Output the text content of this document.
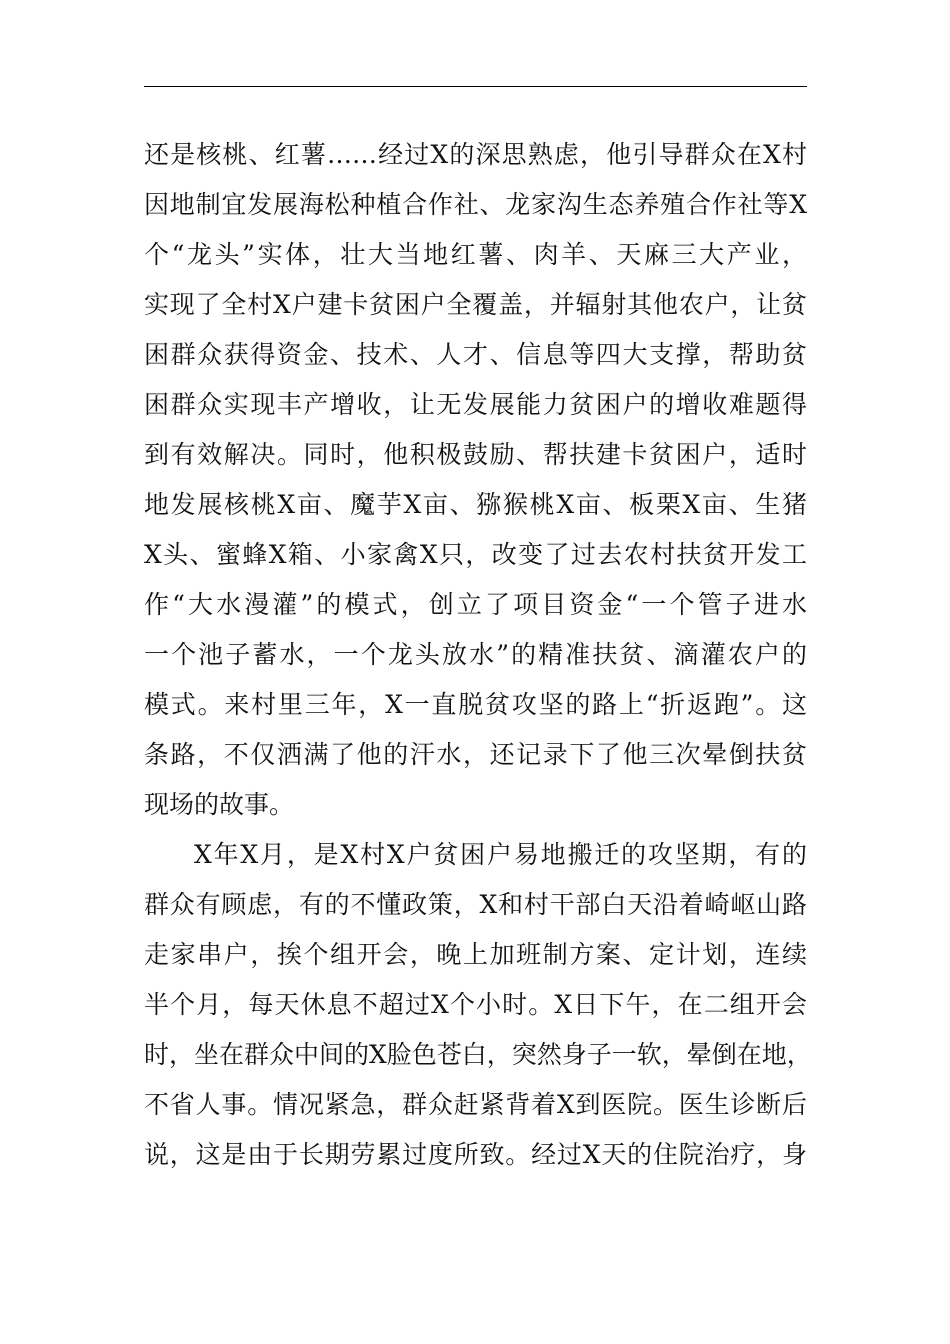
还是核桃、红薯……经过X的深思熟虑，他引导群众在X村
因地制宜发展海松种植合作社、龙家沟生态养殖合作社等X
个“龙头”实体，壮大当地红薯、肉羊、天麻三大产业，
实现了全村X户建卡贫困户全覆盖，并辐射其他农户，让贫
困群众获得资金、技术、人才、信息等四大支撑，帮助贫
困群众实现丰产增收，让无发展能力贫困户的增收难题得
到有效解决。同时，他积极鼓励、帮扶建卡贫困户，适时
地发展核桃X亩、魔芋X亩、猕猴桃X亩、板栗X亩、生猪
X头、蜜蜂X箱、小家禽X只，改变了过去农村扶贫开发工
作“大水漫灌”的模式，创立了项目资金“一个管子进水
一个池子蓄水，一个龙头放水”的精准扶贫、滴灌农户的
模式。来村里三年，X一直脱贫攻坚的路上“折返跑”。这
条路，不仅洒满了他的汗水，还记录下了他三次晕倒扶贫
现场的故事。
X年X月，是X村X户贫困户易地搬迁的攻坚期，有的
群众有顾虑，有的不懂政策，X和村干部白天沿着崎岖山路
走家串户，挨个组开会，晚上加班制方案、定计划，连续
半个月，每天休息不超过X个小时。X日下午，在二组开会
时，坐在群众中间的X脸色苍白，突然身子一软，晕倒在地，
不省人事。情况紧急，群众赶紧背着X到医院。医生诊断后
说，这是由于长期劳累过度所致。经过X天的住院治疗，身
